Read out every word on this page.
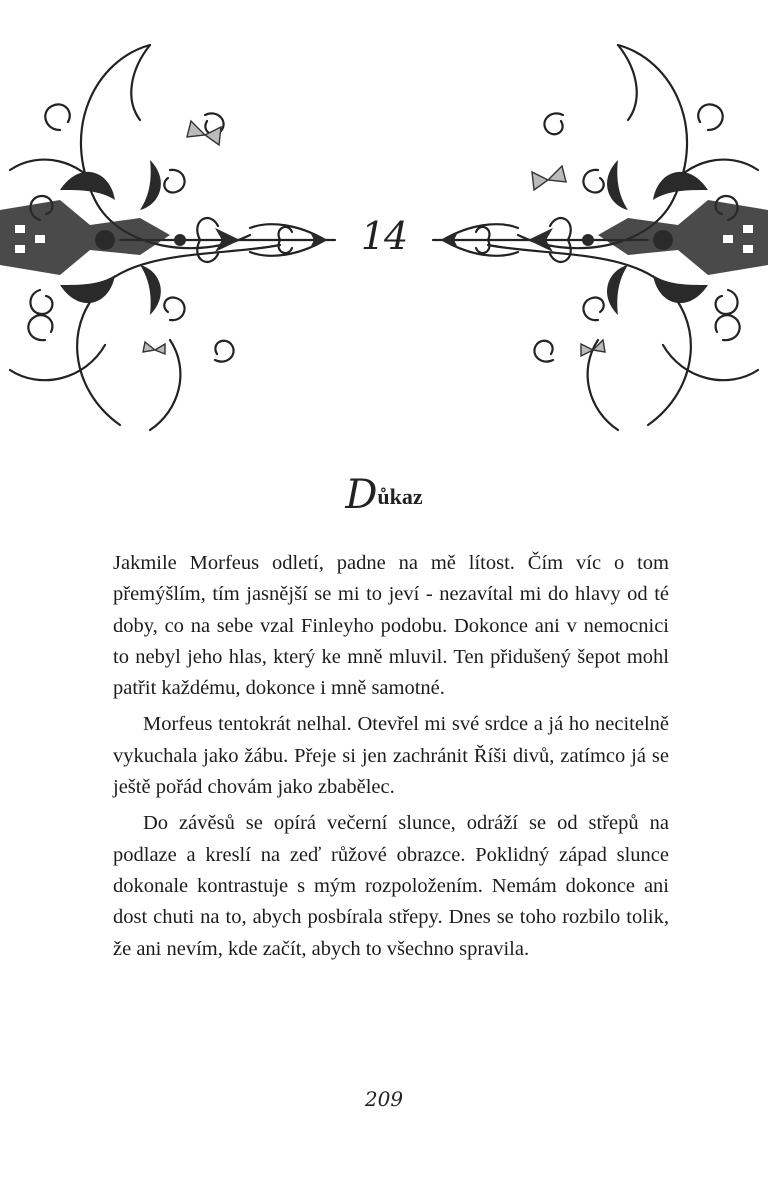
14
Důkaz

Jakmile Morfeus odletí, padne na mě lítost. Čím víc o tom přemýšlím, tím jasnější se mi to jeví - nezavítal mi do hlavy od té doby, co na sebe vzal Finleyho podobu. Dokonce ani v nemocnici to nebyl jeho hlas, který ke mně mluvil. Ten přidušený šepot mohl patřit každému, dokonce i mně samotné.

Morfeus tentokrát nelhal. Otevřel mi své srdce a já ho necitelně vykuchala jako žábu. Přeje si jen zachránit Říši divů, zatímco já se ještě pořád chovám jako zbabělec.

Do závěsů se opírá večerní slunce, odráží se od střepů na podlaze a kreslí na zeď růžové obrazce. Poklidný západ slunce dokonale kontrastuje s mým rozpoložením. Nemám dokonce ani dost chuti na to, abych posbírala střepy. Dnes se toho rozbilo tolik, že ani nevím, kde začít, abych to všechno spravila.

209
